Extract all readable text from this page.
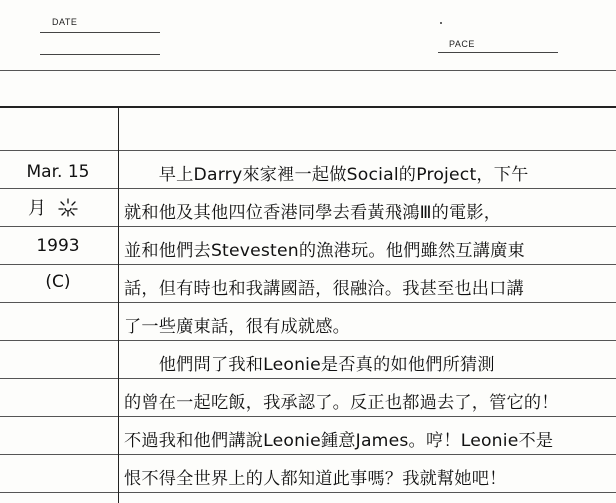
DATE
PACE
Mar. 15
月
1993
(C)
　　早上Darry來家裡一起做Social的Project，下午
就和他及其他四位香港同學去看黃飛鴻Ⅲ的電影，
並和他們去Stevesten的漁港玩。他們雖然互講廣東
話，但有時也和我講國語，很融洽。我甚至也出口講
了一些廣東話，很有成就感。
　　他們問了我和Leonie是否真的如他們所猜測
的曾在一起吃飯，我承認了。反正也都過去了，管它的！
不過我和他們講說Leonie鍾意James。哼！Leonie不是
恨不得全世界上的人都知道此事嗎？我就幫她吧！
